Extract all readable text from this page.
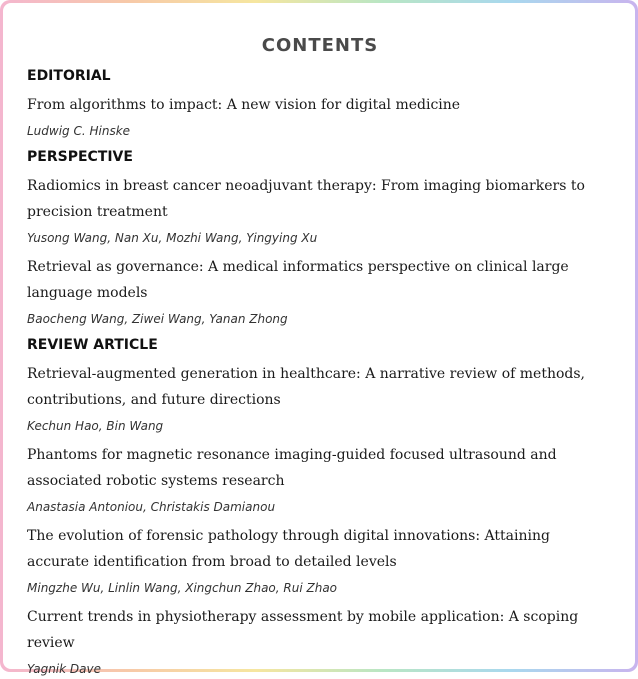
CONTENTS
EDITORIAL
From algorithms to impact: A new vision for digital medicine
Ludwig C. Hinske
PERSPECTIVE
Radiomics in breast cancer neoadjuvant therapy: From imaging biomarkers to precision treatment
Yusong Wang, Nan Xu, Mozhi Wang, Yingying Xu
Retrieval as governance: A medical informatics perspective on clinical large language models
Baocheng Wang, Ziwei Wang, Yanan Zhong
REVIEW ARTICLE
Retrieval-augmented generation in healthcare: A narrative review of methods, contributions, and future directions
Kechun Hao, Bin Wang
Phantoms for magnetic resonance imaging-guided focused ultrasound and associated robotic systems research
Anastasia Antoniou, Christakis Damianou
The evolution of forensic pathology through digital innovations: Attaining accurate identification from broad to detailed levels
Mingzhe Wu, Linlin Wang, Xingchun Zhao, Rui Zhao
Current trends in physiotherapy assessment by mobile application: A scoping review
Yagnik Dave
